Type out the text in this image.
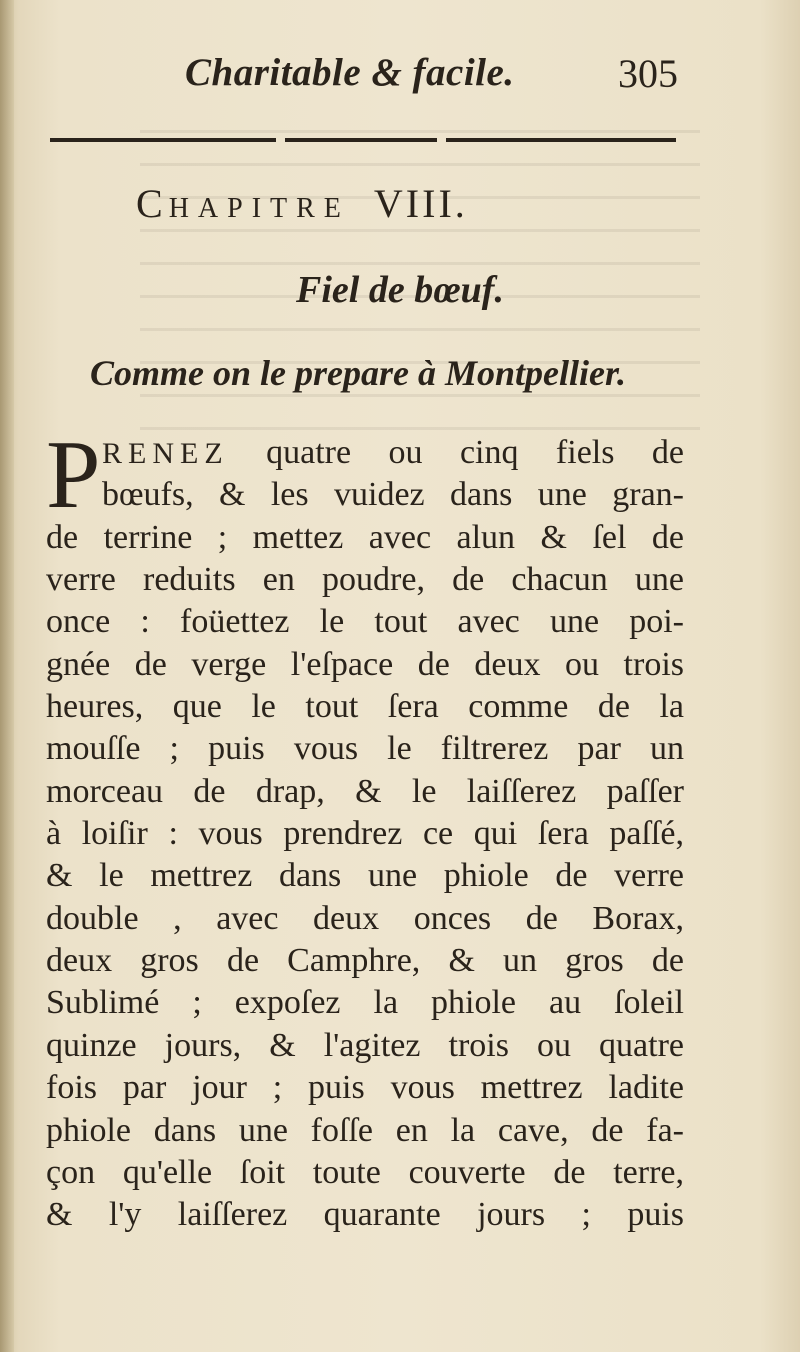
Charitable & facile.	305
CHAPITRE VIII.
Fiel de bœuf.
Comme on le prepare à Montpellier.
P RENEZ quatre ou cinq fiels de
bœufs, & les vuidez dans une gran-
de terrine ; mettez avec alun & ſel de
verre reduits en poudre, de chacun une
once : foüettez le tout avec une poi-
gnée de verge l'eſpace de deux ou trois
heures, que le tout ſera comme de la
mouſſe ; puis vous le filtrerez par un
morceau de drap, & le laiſſerez paſſer
à loiſir : vous prendrez ce qui ſera paſſé,
& le mettrez dans une phiole de verre
double , avec deux onces de Borax,
deux gros de Camphre, & un gros de
Sublimé ; expoſez la phiole au ſoleil
quinze jours, & l'agitez trois ou quatre
fois par jour ; puis vous mettrez ladite
phiole dans une foſſe en la cave, de fa-
çon qu'elle ſoit toute couverte de terre,
& l'y laiſſerez quarante jours ; puis
